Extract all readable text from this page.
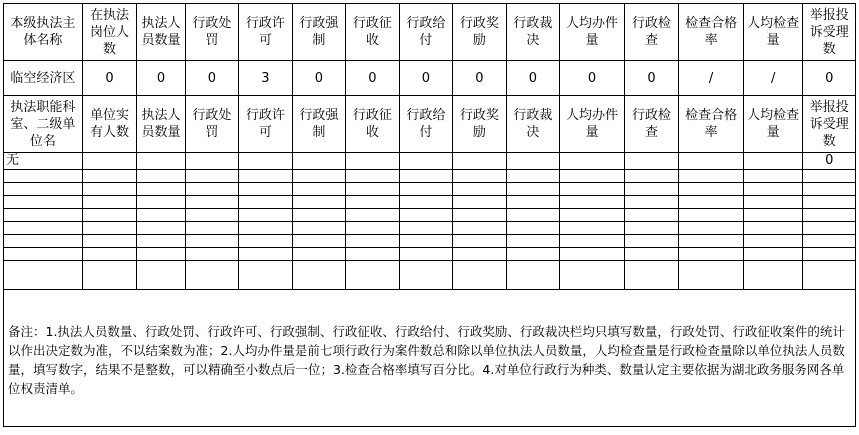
本级执法主体名称	在执法岗位人数	执法人员数量	行政处罚	行政许可	行政强制	行政征收	行政给付	行政奖励	行政裁决	人均办件量	行政检查	检查合格率	人均检查量	举报投诉受理数
临空经济区	0	0	0	3	0	0	0	0	0	0	0	/	/	0
执法职能科室、二级单位名	单位实有人数	执法人员数量	行政处罚	行政许可	行政强制	行政征收	行政给付	行政奖励	行政裁决	人均办件量	行政检查	检查合格率	人均检查量	举报投诉受理数
无														0

备注：1.执法人员数量、行政处罚、行政许可、行政强制、行政征收、行政给付、行政奖励、行政裁决栏均只填写数量，行政处罚、行政征收案件的统计以作出决定数为准，不以结案数为准；2.人均办件量是前七项行政行为案件数总和除以单位执法人员数量，人均检查量是行政检查量除以单位执法人员数量，填写数字，结果不是整数，可以精确至小数点后一位；3.检查合格率填写百分比。4.对单位行政行为种类、数量认定主要依据为湖北政务服务网各单位权责清单。														
